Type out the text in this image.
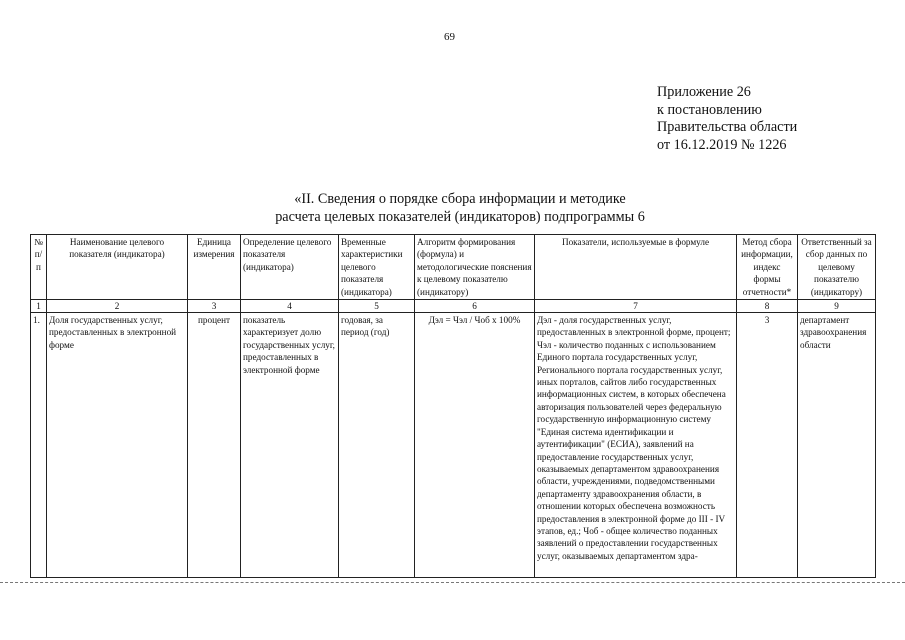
69
Приложение 26
к постановлению
Правительства области
от 16.12.2019 № 1226
«II. Сведения о порядке сбора информации и методике
расчета целевых показателей (индикаторов) подпрограммы 6
№ п/п	Наименование целевого показателя (индикатора)	Единица измерения	Определение целевого показателя (индикатора)	Временные характеристики целевого показателя (индикатора)	Алгоритм формирования (формула) и методологические пояснения к целевому показателю (индикатору)	Показатели, используемые в формуле	Метод сбора информации, индекс формы отчетности*	Ответственный за сбор данных по целевому показателю (индикатору)
1	2	3	4	5	6	7	8	9
1.	Доля государственных услуг, предоставленных в электронной форме	процент	показатель характеризует долю государственных услуг, предоставленных в электронной форме	годовая, за период (год)	Дэл = Чэл / Чоб x 100%	Дэл - доля государственных услуг, предоставленных в электронной форме, процент; Чэл - количество поданных с использованием Единого портала государственных услуг, Регионального портала государственных услуг, иных порталов, сайтов либо государственных информационных систем, в которых обеспечена авторизация пользователей через федеральную государственную информационную систему "Единая система идентификации и аутентификации" (ЕСИА), заявлений на предоставление государственных услуг, оказываемых департаментом здравоохранения области, учреждениями, подведомственными департаменту здравоохранения области, в отношении которых обеспечена возможность предоставления в электронной форме до III - IV этапов, ед.; Чоб - общее количество поданных заявлений о предоставлении государственных услуг, оказываемых департаментом здра-	3	департамент здравоохранения области
